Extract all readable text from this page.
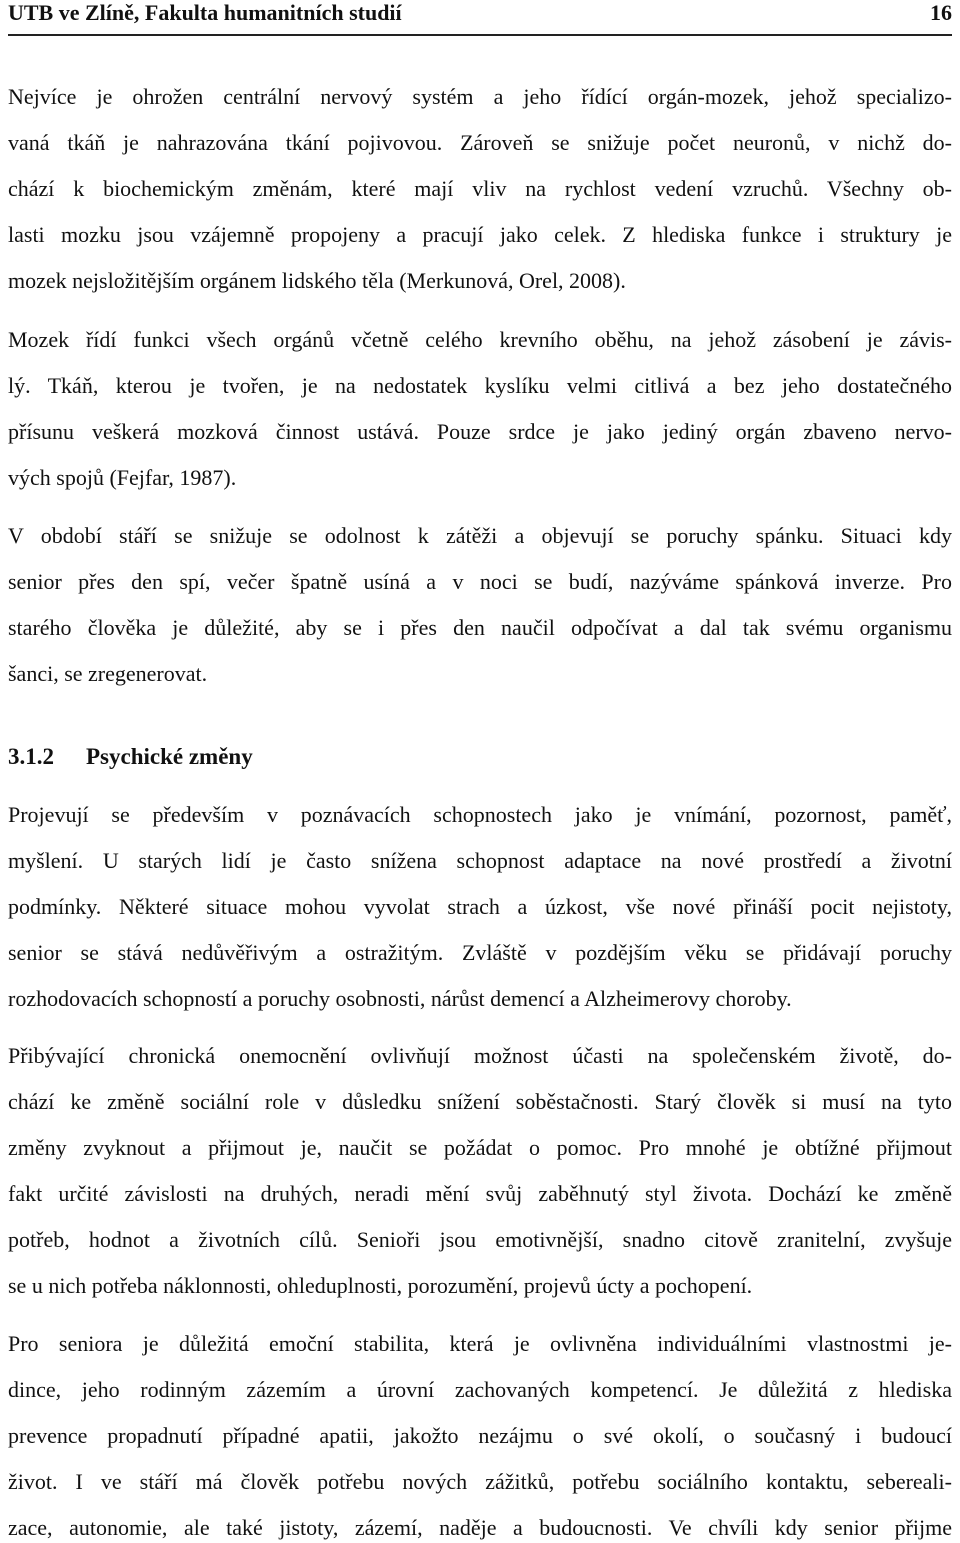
UTB ve Zlíně, Fakulta humanitních studií	16
Nejvíce je ohrožen centrální nervový systém a jeho řídící orgán-mozek, jehož specializo-
vaná tkáň je nahrazována tkání pojivovou. Zároveň se snižuje počet neuronů, v nichž do-
chází k biochemickým změnám, které mají vliv na rychlost vedení vzruchů. Všechny ob-
lasti mozku jsou vzájemně propojeny a pracují jako celek. Z hlediska funkce i struktury je
mozek nejsložitějším orgánem lidského těla (Merkunová, Orel, 2008).
Mozek řídí funkci všech orgánů včetně celého krevního oběhu, na jehož zásobení je závis-
lý. Tkáň, kterou je tvořen, je na nedostatek kyslíku velmi citlivá a bez jeho dostatečného
přísunu veškerá mozková činnost ustává. Pouze srdce je jako jediný orgán zbaveno nervo-
vých spojů (Fejfar, 1987).
V období stáří se snižuje se odolnost k zátěži a objevují se poruchy spánku. Situaci kdy
senior přes den spí, večer špatně usíná a v noci se budí, nazýváme spánková inverze. Pro
starého člověka je důležité, aby se i přes den naučil odpočívat a dal tak svému organismu
šanci, se zregenerovat.
3.1.2	Psychické změny
Projevují se především v poznávacích schopnostech jako je vnímání, pozornost, paměť,
myšlení. U starých lidí je často snížena schopnost adaptace na nové prostředí a životní
podmínky. Některé situace mohou vyvolat strach a úzkost, vše nové přináší pocit nejistoty,
senior se stává nedůvěřivým a ostražitým. Zvláště v pozdějším věku se přidávají poruchy
rozhodovacích schopností a poruchy osobnosti, nárůst demencí a Alzheimerovy choroby.
Přibývající chronická onemocnění ovlivňují možnost účasti na společenském životě, do-
chází ke změně sociální role v důsledku snížení soběstačnosti. Starý člověk si musí na tyto
změny zvyknout a přijmout je, naučit se požádat o pomoc. Pro mnohé je obtížné přijmout
fakt určité závislosti na druhých, neradi mění svůj zaběhnutý styl života. Dochází ke změně
potřeb, hodnot a životních cílů. Senioři jsou emotivnější, snadno citově zranitelní, zvyšuje
se u nich potřeba náklonnosti, ohleduplnosti, porozumění, projevů úcty a pochopení.
Pro seniora je důležitá emoční stabilita, která je ovlivněna individuálními vlastnostmi je-
dince, jeho rodinným zázemím a úrovní zachovaných kompetencí. Je důležitá z hlediska
prevence propadnutí případné apatii, jakožto nezájmu o své okolí, o současný i budoucí
život. I ve stáří má člověk potřebu nových zážitků, potřebu sociálního kontaktu, sebereali-
zace, autonomie, ale také jistoty, zázemí, naděje a budoucnosti. Ve chvíli kdy senior přijme
